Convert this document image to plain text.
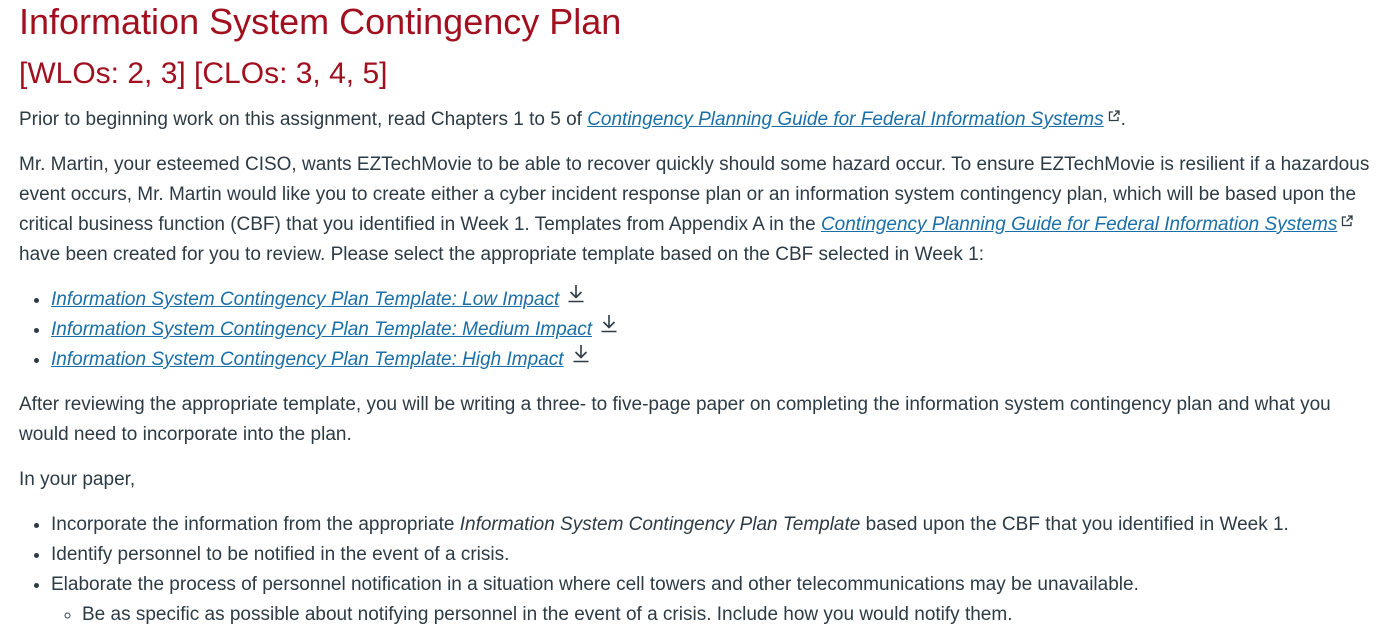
Information System Contingency Plan
[WLOs: 2, 3] [CLOs: 3, 4, 5]

Prior to beginning work on this assignment, read Chapters 1 to 5 of Contingency Planning Guide for Federal Information Systems .

Mr. Martin, your esteemed CISO, wants EZTechMovie to be able to recover quickly should some hazard occur. To ensure EZTechMovie is resilient if a hazardous event occurs, Mr. Martin would like you to create either a cyber incident response plan or an information system contingency plan, which will be based upon the critical business function (CBF) that you identified in Week 1. Templates from Appendix A in the Contingency Planning Guide for Federal Information Systems have been created for you to review. Please select the appropriate template based on the CBF selected in Week 1:

• Information System Contingency Plan Template: Low Impact
• Information System Contingency Plan Template: Medium Impact
• Information System Contingency Plan Template: High Impact

After reviewing the appropriate template, you will be writing a three- to five-page paper on completing the information system contingency plan and what you would need to incorporate into the plan.

In your paper,

• Incorporate the information from the appropriate Information System Contingency Plan Template based upon the CBF that you identified in Week 1.
• Identify personnel to be notified in the event of a crisis.
• Elaborate the process of personnel notification in a situation where cell towers and other telecommunications may be unavailable.
◦ Be as specific as possible about notifying personnel in the event of a crisis. Include how you would notify them.
